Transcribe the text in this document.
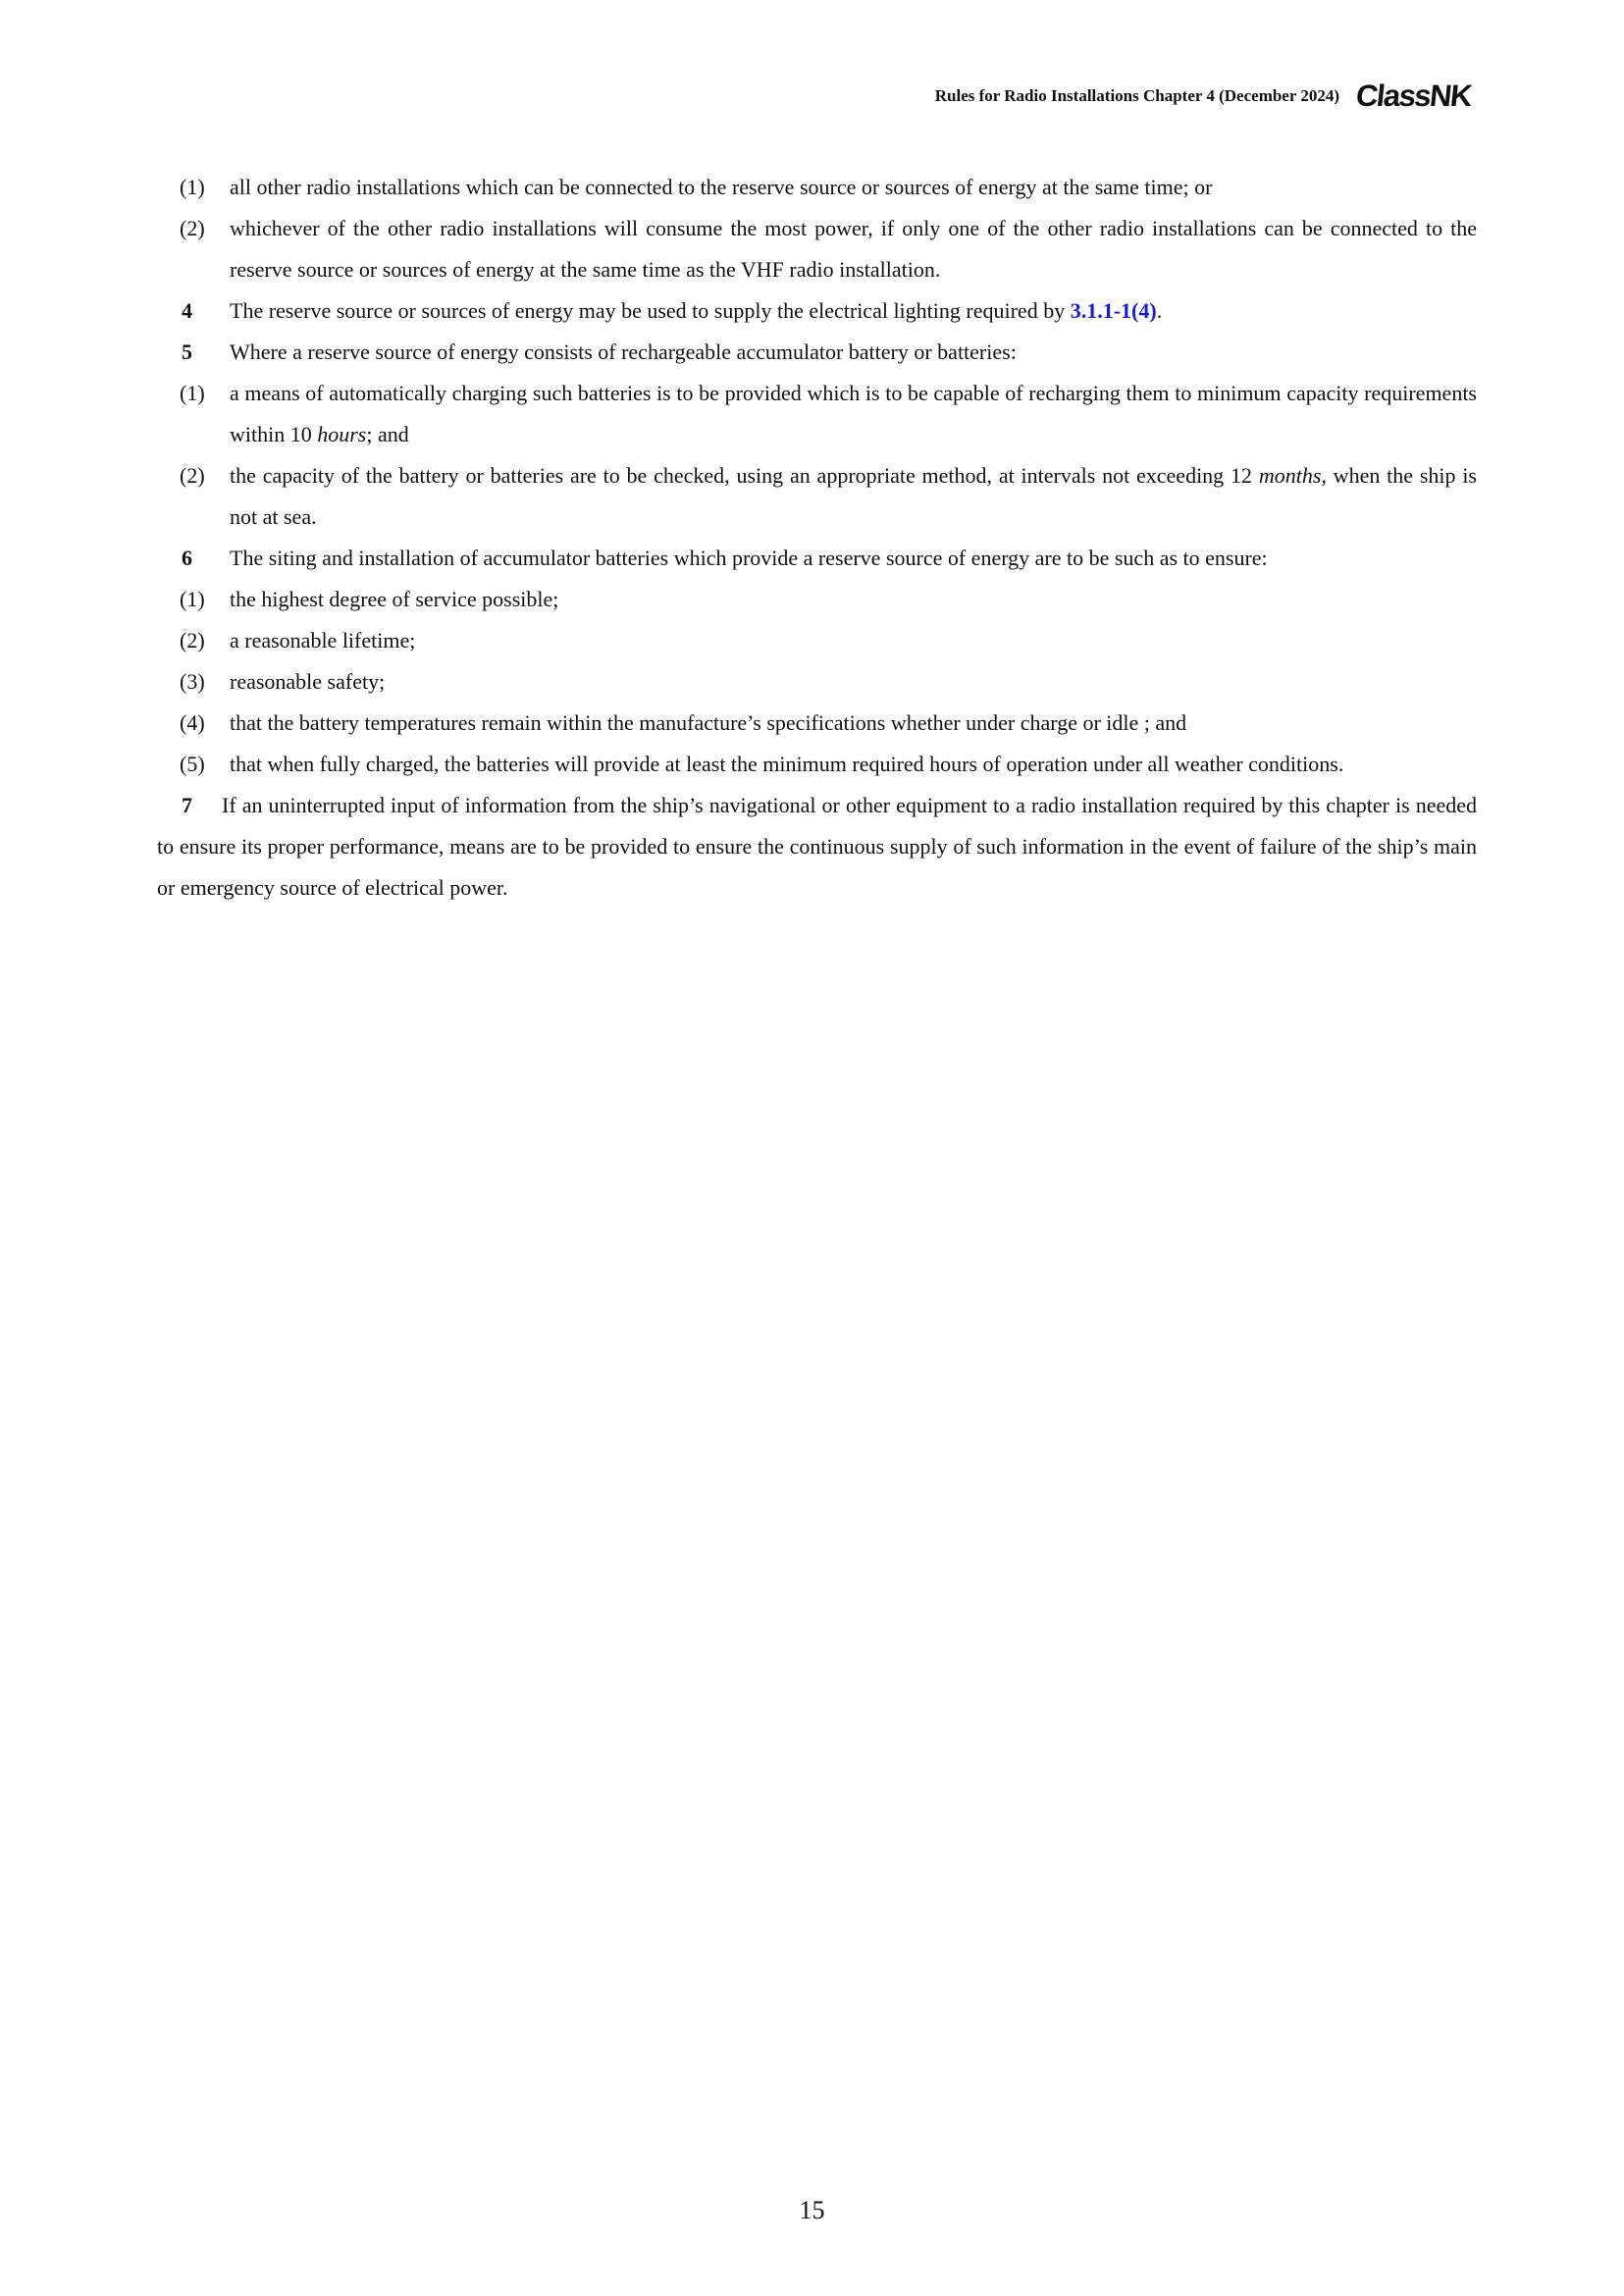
Rules for Radio Installations Chapter 4 (December 2024) ClassNK

(1) all other radio installations which can be connected to the reserve source or sources of energy at the same time; or

(2) whichever of the other radio installations will consume the most power, if only one of the other radio installations can be connected to the reserve source or sources of energy at the same time as the VHF radio installation.

4 The reserve source or sources of energy may be used to supply the electrical lighting required by 3.1.1-1(4).

5 Where a reserve source of energy consists of rechargeable accumulator battery or batteries:

(1) a means of automatically charging such batteries is to be provided which is to be capable of recharging them to minimum capacity requirements within 10 hours; and

(2) the capacity of the battery or batteries are to be checked, using an appropriate method, at intervals not exceeding 12 months, when the ship is not at sea.

6 The siting and installation of accumulator batteries which provide a reserve source of energy are to be such as to ensure:

(1) the highest degree of service possible;

(2) a reasonable lifetime;

(3) reasonable safety;

(4) that the battery temperatures remain within the manufacture’s specifications whether under charge or idle ; and

(5) that when fully charged, the batteries will provide at least the minimum required hours of operation under all weather conditions.

7 If an uninterrupted input of information from the ship’s navigational or other equipment to a radio installation required by this chapter is needed to ensure its proper performance, means are to be provided to ensure the continuous supply of such information in the event of failure of the ship’s main or emergency source of electrical power.

15
